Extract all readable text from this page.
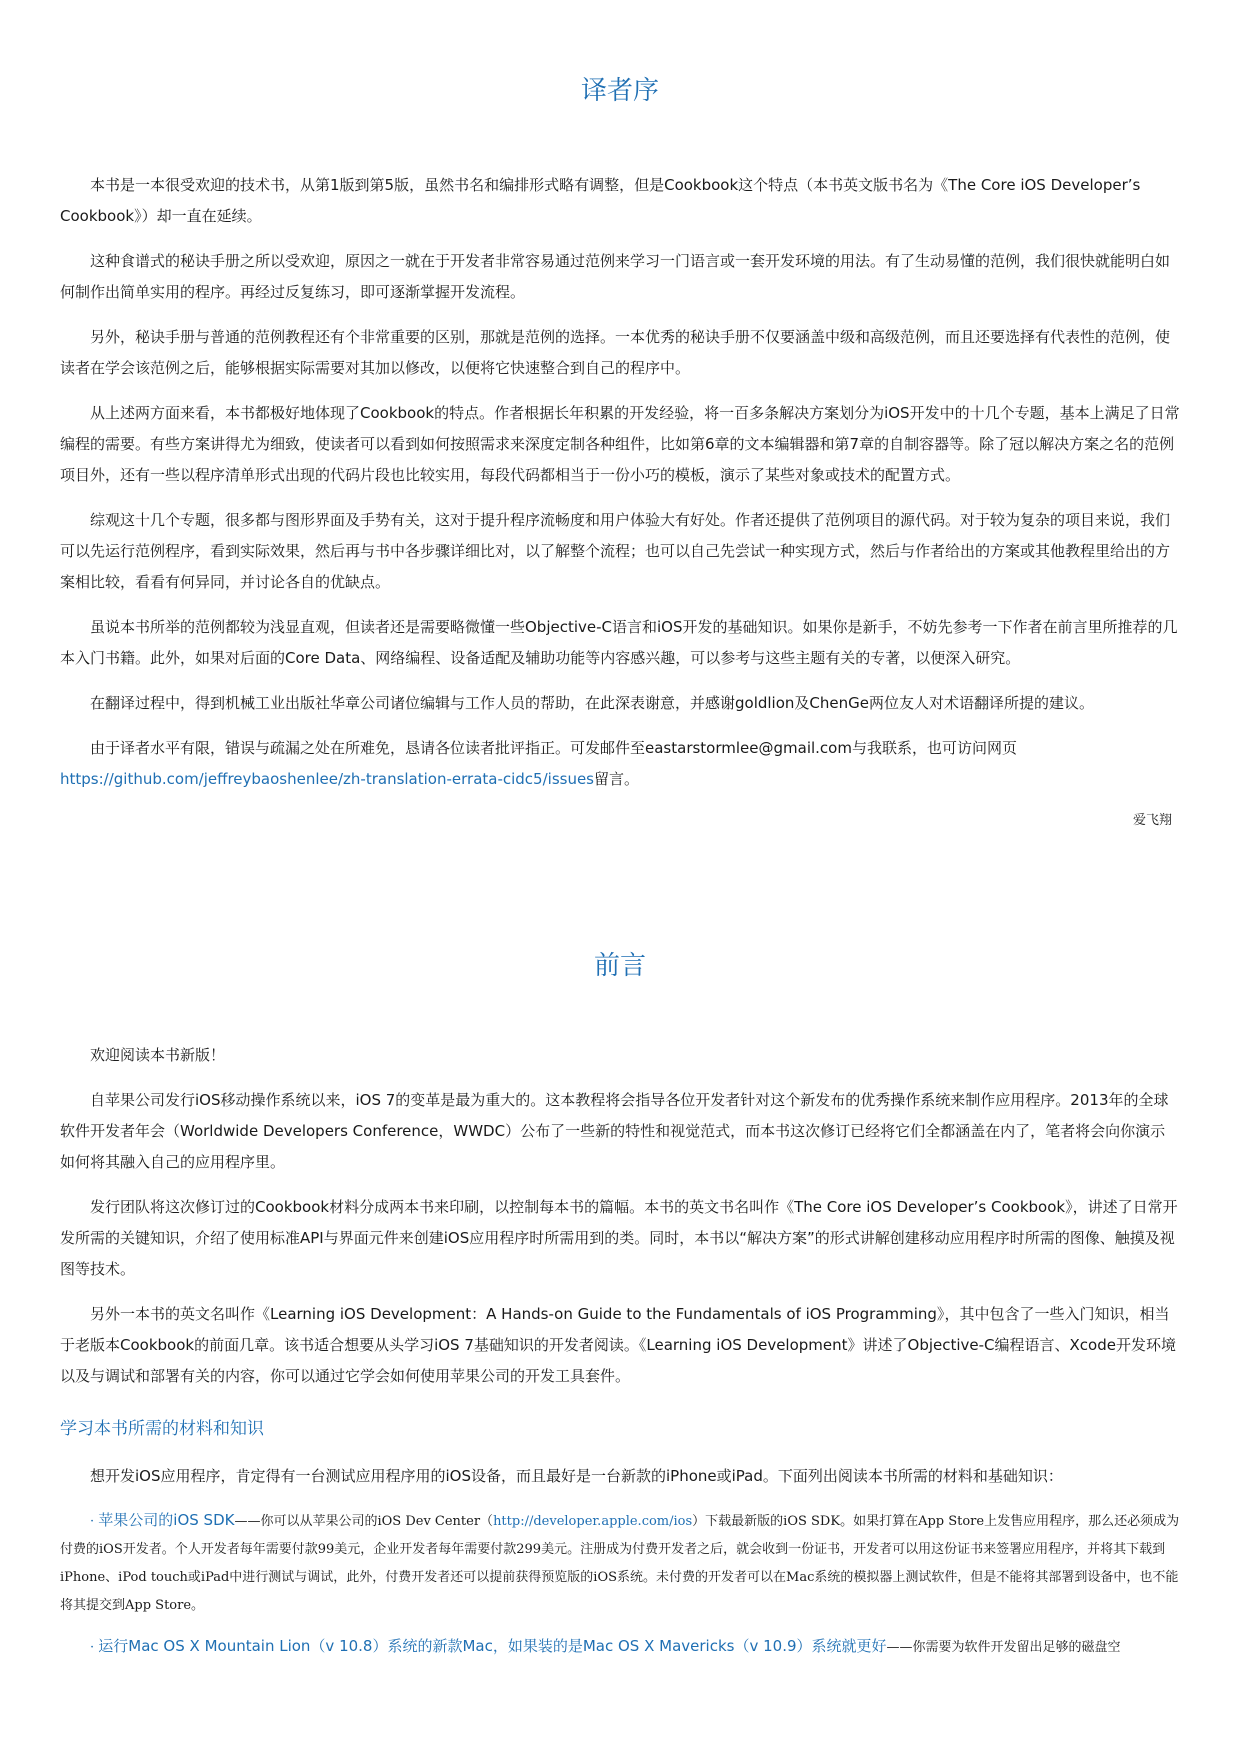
译者序

本书是一本很受欢迎的技术书，从第1版到第5版，虽然书名和编排形式略有调整，但是Cookbook这个特点（本书英文版书名为《The Core iOS Developer’s Cookbook》）却一直在延续。

这种食谱式的秘诀手册之所以受欢迎，原因之一就在于开发者非常容易通过范例来学习一门语言或一套开发环境的用法。有了生动易懂的范例，我们很快就能明白如何制作出简单实用的程序。再经过反复练习，即可逐渐掌握开发流程。

另外，秘诀手册与普通的范例教程还有个非常重要的区别，那就是范例的选择。一本优秀的秘诀手册不仅要涵盖中级和高级范例，而且还要选择有代表性的范例，使读者在学会该范例之后，能够根据实际需要对其加以修改，以便将它快速整合到自己的程序中。

从上述两方面来看，本书都极好地体现了Cookbook的特点。作者根据长年积累的开发经验，将一百多条解决方案划分为iOS开发中的十几个专题，基本上满足了日常编程的需要。有些方案讲得尤为细致，使读者可以看到如何按照需求来深度定制各种组件，比如第6章的文本编辑器和第7章的自制容器等。除了冠以解决方案之名的范例项目外，还有一些以程序清单形式出现的代码片段也比较实用，每段代码都相当于一份小巧的模板，演示了某些对象或技术的配置方式。

综观这十几个专题，很多都与图形界面及手势有关，这对于提升程序流畅度和用户体验大有好处。作者还提供了范例项目的源代码。对于较为复杂的项目来说，我们可以先运行范例程序，看到实际效果，然后再与书中各步骤详细比对，以了解整个流程；也可以自己先尝试一种实现方式，然后与作者给出的方案或其他教程里给出的方案相比较，看看有何异同，并讨论各自的优缺点。

虽说本书所举的范例都较为浅显直观，但读者还是需要略微懂一些Objective-C语言和iOS开发的基础知识。如果你是新手，不妨先参考一下作者在前言里所推荐的几本入门书籍。此外，如果对后面的Core Data、网络编程、设备适配及辅助功能等内容感兴趣，可以参考与这些主题有关的专著，以便深入研究。

在翻译过程中，得到机械工业出版社华章公司诸位编辑与工作人员的帮助，在此深表谢意，并感谢goldlion及ChenGe两位友人对术语翻译所提的建议。

由于译者水平有限，错误与疏漏之处在所难免，恳请各位读者批评指正。可发邮件至eastarstormlee@gmail.com与我联系，也可访问网页https://github.com/jeffreybaoshenlee/zh-translation-errata-cidc5/issues留言。

爱飞翔
前言

欢迎阅读本书新版！

自苹果公司发行iOS移动操作系统以来，iOS 7的变革是最为重大的。这本教程将会指导各位开发者针对这个新发布的优秀操作系统来制作应用程序。2013年的全球软件开发者年会（Worldwide Developers Conference，WWDC）公布了一些新的特性和视觉范式，而本书这次修订已经将它们全都涵盖在内了，笔者将会向你演示如何将其融入自己的应用程序里。

发行团队将这次修订过的Cookbook材料分成两本书来印刷，以控制每本书的篇幅。本书的英文书名叫作《The Core iOS Developer’s Cookbook》，讲述了日常开发所需的关键知识，介绍了使用标准API与界面元件来创建iOS应用程序时所需用到的类。同时，本书以“解决方案”的形式讲解创建移动应用程序时所需的图像、触摸及视图等技术。

另外一本书的英文名叫作《Learning iOS Development：A Hands-on Guide to the Fundamentals of iOS Programming》，其中包含了一些入门知识，相当于老版本Cookbook的前面几章。该书适合想要从头学习iOS 7基础知识的开发者阅读。《Learning iOS Development》讲述了Objective-C编程语言、Xcode开发环境以及与调试和部署有关的内容，你可以通过它学会如何使用苹果公司的开发工具套件。

学习本书所需的材料和知识

想开发iOS应用程序，肯定得有一台测试应用程序用的iOS设备，而且最好是一台新款的iPhone或iPad。下面列出阅读本书所需的材料和基础知识：

· 苹果公司的iOS SDK——你可以从苹果公司的iOS Dev Center（http://developer.apple.com/ios）下载最新版的iOS SDK。如果打算在App Store上发售应用程序，那么还必须成为付费的iOS开发者。个人开发者每年需要付款99美元，企业开发者每年需要付款299美元。注册成为付费开发者之后，就会收到一份证书，开发者可以用这份证书来签署应用程序，并将其下载到iPhone、iPod touch或iPad中进行测试与调试，此外，付费开发者还可以提前获得预览版的iOS系统。未付费的开发者可以在Mac系统的模拟器上测试软件，但是不能将其部署到设备中，也不能将其提交到App Store。
· 运行Mac OS X Mountain Lion（v 10.8）系统的新款Mac，如果装的是Mac OS X Mavericks（v 10.9）系统就更好——你需要为软件开发留出足够的磁盘空
